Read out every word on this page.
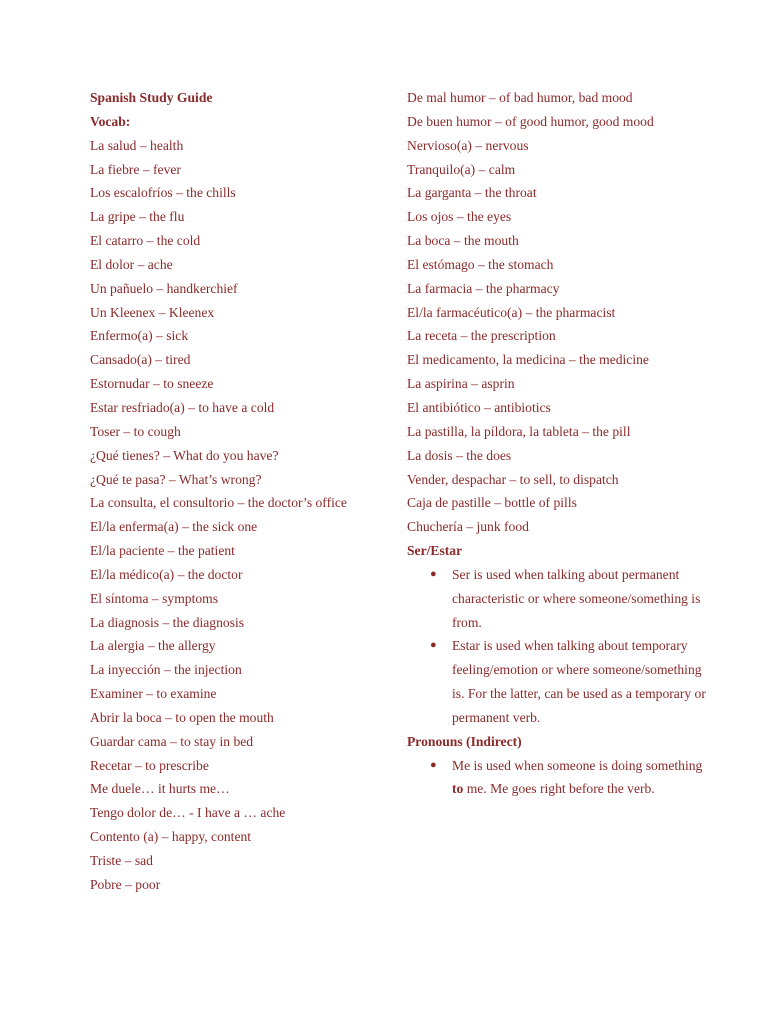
Spanish Study Guide
Vocab:
La salud – health
La fiebre – fever
Los escalofríos – the chills
La gripe – the flu
El catarro – the cold
El dolor – ache
Un pañuelo – handkerchief
Un Kleenex – Kleenex
Enfermo(a) – sick
Cansado(a) – tired
Estornudar – to sneeze
Estar resfriado(a) – to have a cold
Toser – to cough
¿Qué tienes? – What do you have?
¿Qué te pasa? – What’s wrong?
La consulta, el consultorio – the doctor’s office
El/la enferma(a) – the sick one
El/la paciente – the patient
El/la médico(a) – the doctor
El síntoma – symptoms
La diagnosis – the diagnosis
La alergia – the allergy
La inyección – the injection
Examiner – to examine
Abrir la boca – to open the mouth
Guardar cama – to stay in bed
Recetar – to prescribe
Me duele… it hurts me…
Tengo dolor de… - I have a … ache
Contento (a) – happy, content
Triste – sad
Pobre – poor
De mal humor – of bad humor, bad mood
De buen humor – of good humor, good mood
Nervioso(a) – nervous
Tranquilo(a) – calm
La garganta – the throat
Los ojos – the eyes
La boca – the mouth
El estómago – the stomach
La farmacia – the pharmacy
El/la farmacéutico(a) – the pharmacist
La receta – the prescription
El medicamento, la medicina – the medicine
La aspirina – asprin
El antibiótico – antibiotics
La pastilla, la píldora, la tableta – the pill
La dosis – the does
Vender, despachar – to sell, to dispatch
Caja de pastille – bottle of pills
Chuchería – junk food
Ser/Estar
● Ser is used when talking about permanent characteristic or where someone/something is from.
● Estar is used when talking about temporary feeling/emotion or where someone/something is. For the latter, can be used as a temporary or permanent verb.
Pronouns (Indirect)
● Me is used when someone is doing something to me. Me goes right before the verb.
